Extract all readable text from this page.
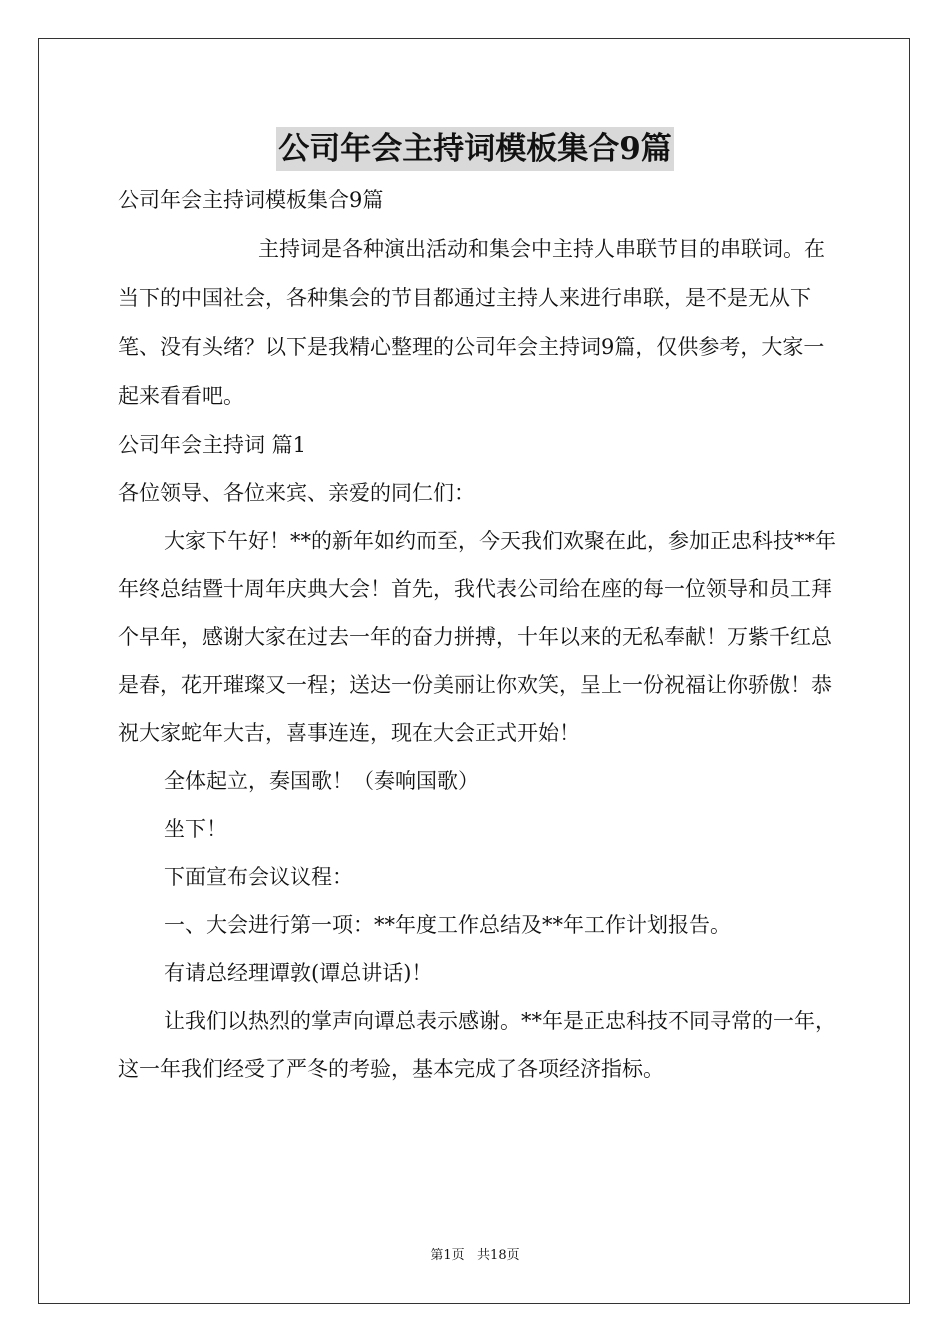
公司年会主持词模板集合9篇

公司年会主持词模板集合9篇

主持词是各种演出活动和集会中主持人串联节目的串联词。在当下的中国社会，各种集会的节目都通过主持人来进行串联，是不是无从下笔、没有头绪？以下是我精心整理的公司年会主持词9篇，仅供参考，大家一起来看看吧。

公司年会主持词 篇1

各位领导、各位来宾、亲爱的同仁们：

大家下午好！**的新年如约而至，今天我们欢聚在此，参加正忠科技**年年终总结暨十周年庆典大会！首先，我代表公司给在座的每一位领导和员工拜个早年，感谢大家在过去一年的奋力拼搏，十年以来的无私奉献！万紫千红总是春，花开璀璨又一程；送达一份美丽让你欢笑，呈上一份祝福让你骄傲！恭祝大家蛇年大吉，喜事连连，现在大会正式开始！

全体起立，奏国歌！（奏响国歌）

坐下！

下面宣布会议议程：

一、大会进行第一项：**年度工作总结及**年工作计划报告。

有请总经理谭敦(谭总讲话)！

让我们以热烈的掌声向谭总表示感谢。**年是正忠科技不同寻常的一年，这一年我们经受了严冬的考验，基本完成了各项经济指标。

第1页   共18页
